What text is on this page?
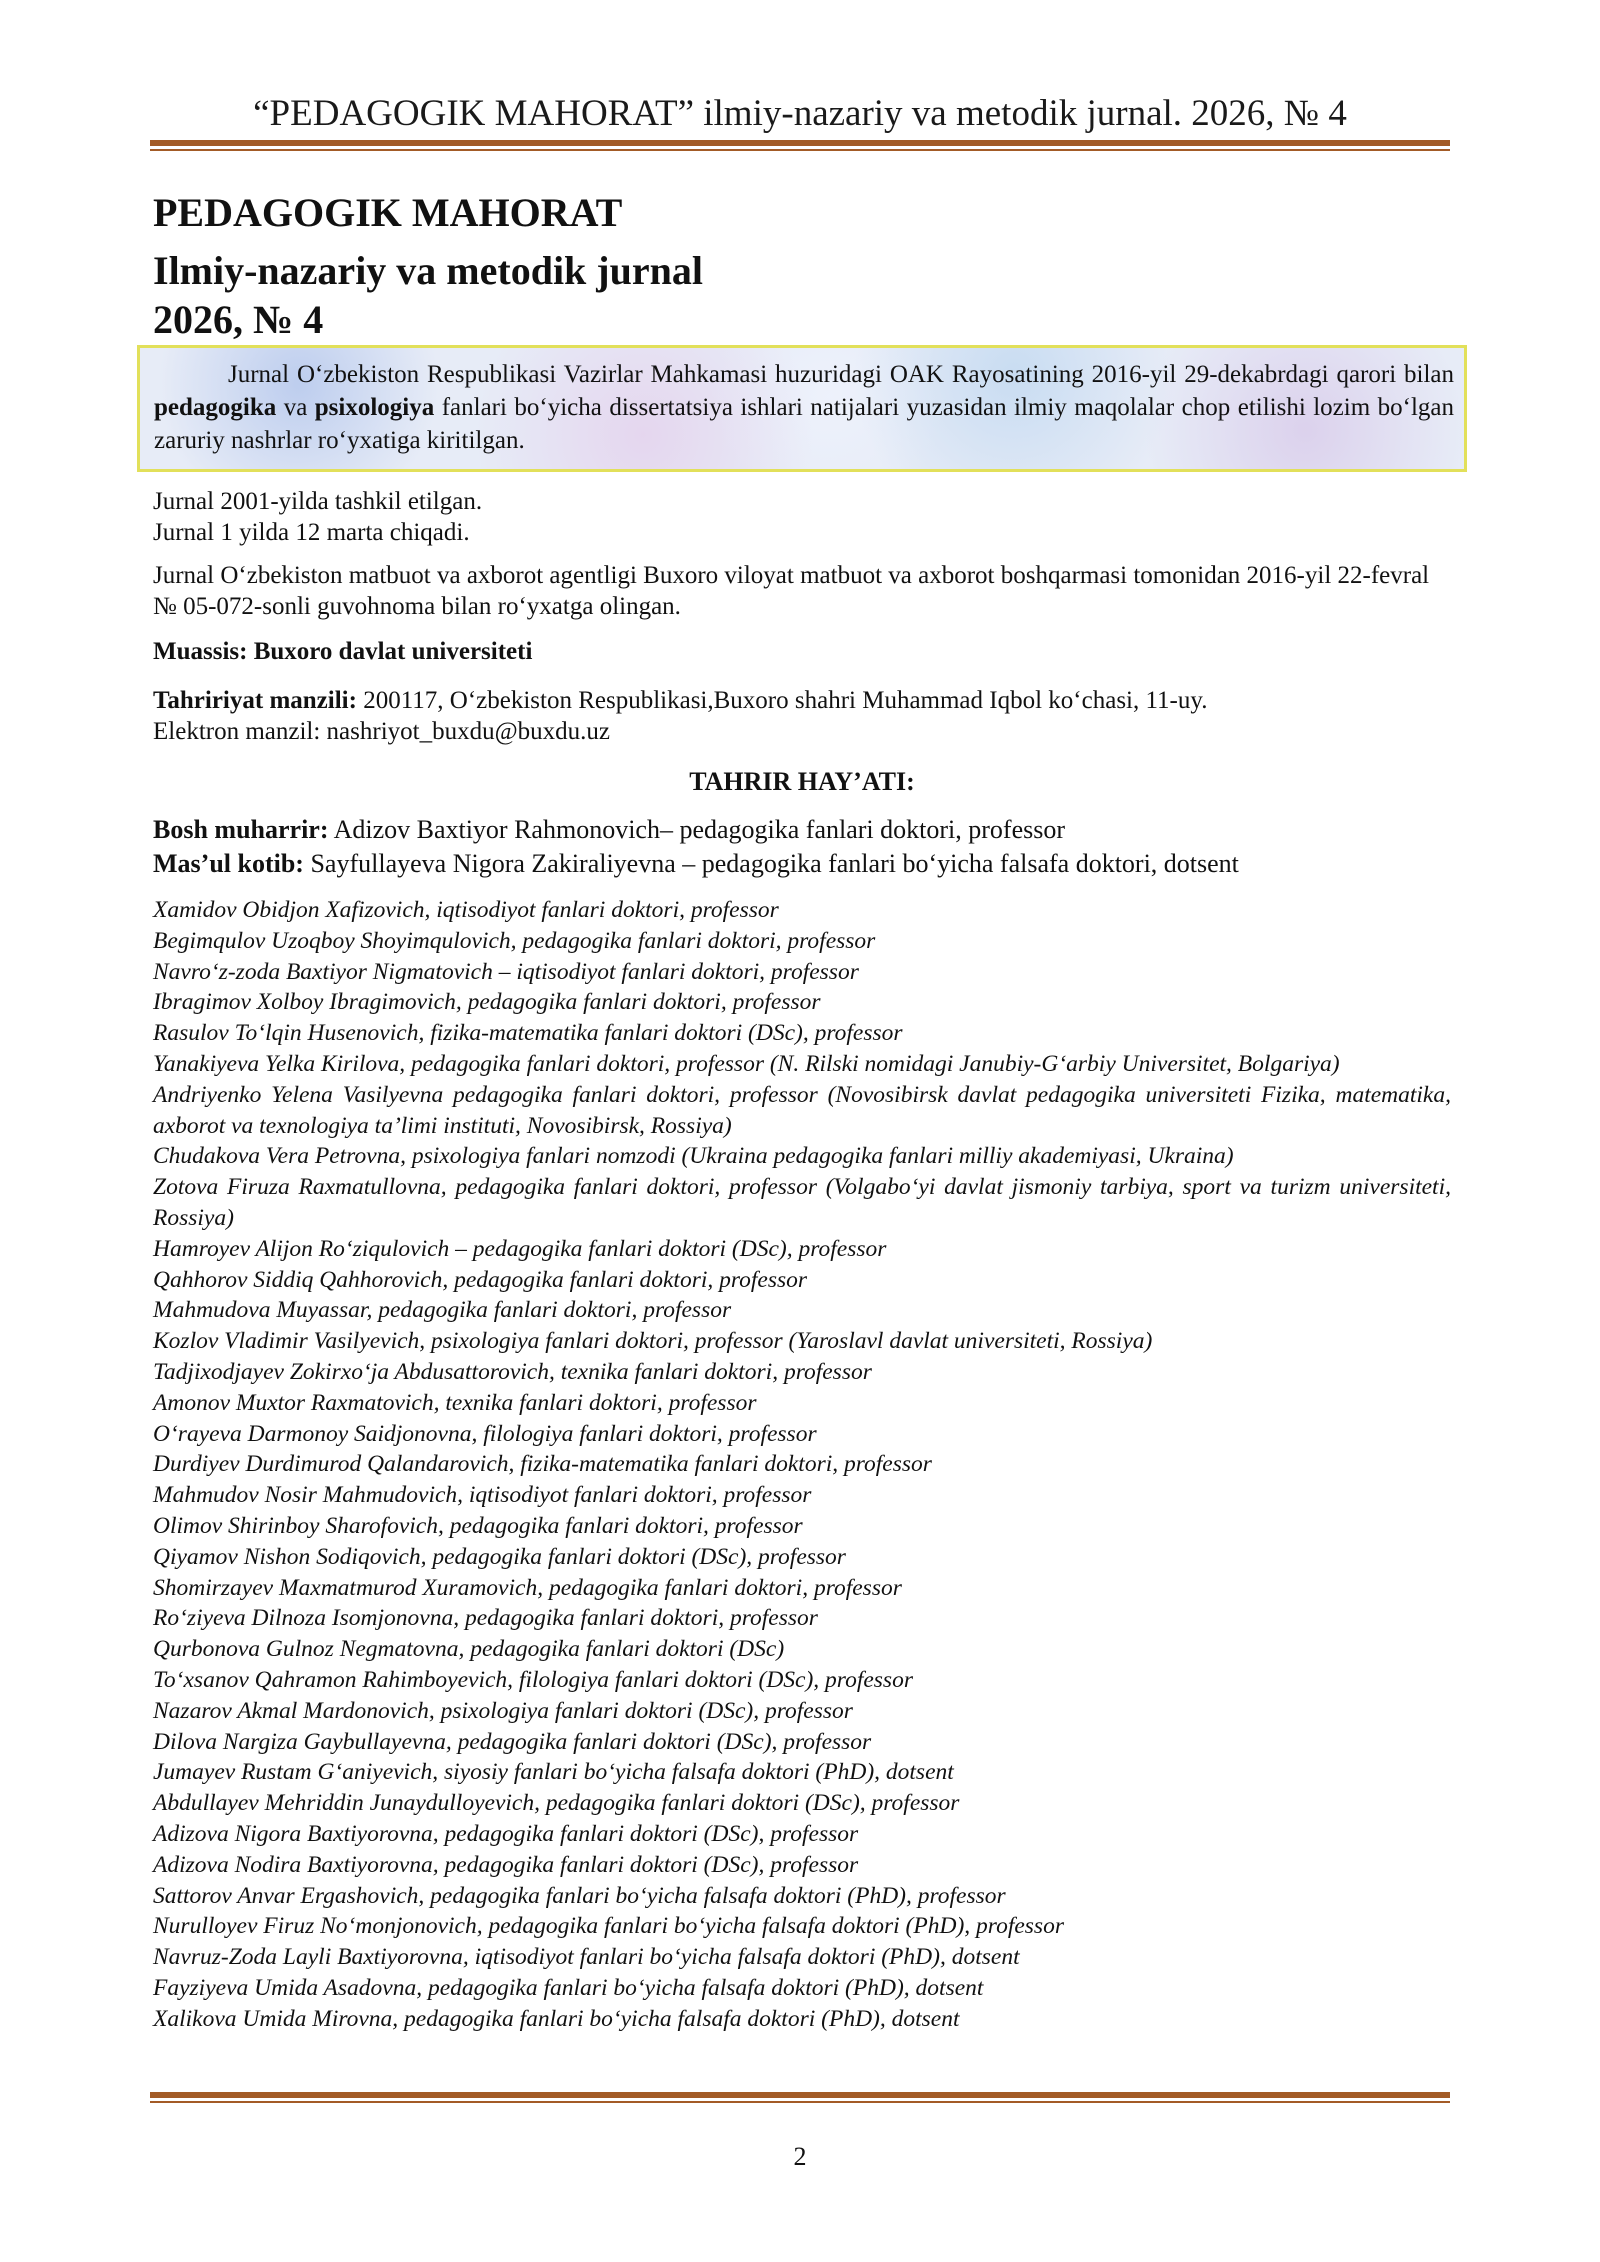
“PEDAGOGIK MAHORAT” ilmiy-nazariy va metodik jurnal. 2026, № 4
PEDAGOGIK MAHORAT
Ilmiy-nazariy va metodik jurnal
2026, № 4
Jurnal O‘zbekiston Respublikasi Vazirlar Mahkamasi huzuridagi OAK Rayosatining 2016-yil 29-dekabrdagi qarori bilan pedagogika va psixologiya fanlari bo‘yicha dissertatsiya ishlari natijalari yuzasidan ilmiy maqolalar chop etilishi lozim bo‘lgan zaruriy nashrlar ro‘yxatiga kiritilgan.
Jurnal 2001-yilda tashkil etilgan.
Jurnal 1 yilda 12 marta chiqadi.
Jurnal O‘zbekiston matbuot va axborot agentligi Buxoro viloyat matbuot va axborot boshqarmasi tomonidan 2016-yil 22-fevral № 05-072-sonli guvohnoma bilan ro‘yxatga olingan.
Muassis: Buxoro davlat universiteti
Tahririyat manzili: 200117, O‘zbekiston Respublikasi,Buxoro shahri Muhammad Iqbol ko‘chasi, 11-uy.
Elektron manzil: nashriyot_buxdu@buxdu.uz
TAHRIR HAY’ATI:
Bosh muharrir: Adizov Baxtiyor Rahmonovich– pedagogika fanlari doktori, professor
Mas’ul kotib: Sayfullayeva Nigora Zakiraliyevna – pedagogika fanlari bo‘yicha falsafa doktori, dotsent
Xamidov Obidjon Xafizovich, iqtisodiyot fanlari doktori, professor
Begimqulov Uzoqboy Shoyimqulovich, pedagogika fanlari doktori, professor
Navro‘z-zoda Baxtiyor Nigmatovich – iqtisodiyot fanlari doktori, professor
Ibragimov Xolboy Ibragimovich, pedagogika fanlari doktori, professor
Rasulov To‘lqin Husenovich, fizika-matematika fanlari doktori (DSc), professor
Yanakiyeva Yelka Kirilova, pedagogika fanlari doktori, professor (N. Rilski nomidagi Janubiy-G‘arbiy Universitet, Bolgariya)
Andriyenko Yelena Vasilyevna pedagogika fanlari doktori, professor (Novosibirsk davlat pedagogika universiteti Fizika, matematika, axborot va texnologiya ta’limi instituti, Novosibirsk, Rossiya)
Chudakova Vera Petrovna, psixologiya fanlari nomzodi (Ukraina pedagogika fanlari milliy akademiyasi, Ukraina)
Zotova Firuza Raxmatullovna, pedagogika fanlari doktori, professor (Volgabo‘yi davlat jismoniy tarbiya, sport va turizm universiteti, Rossiya)
Hamroyev Alijon Ro‘ziqulovich – pedagogika fanlari doktori (DSc), professor
Qahhorov Siddiq Qahhorovich, pedagogika fanlari doktori, professor
Mahmudova Muyassar, pedagogika fanlari doktori, professor
Kozlov Vladimir Vasilyevich, psixologiya fanlari doktori, professor (Yaroslavl davlat universiteti, Rossiya)
Tadjixodjayev Zokirxo‘ja Abdusattorovich, texnika fanlari doktori, professor
Amonov Muxtor Raxmatovich, texnika fanlari doktori, professor
O‘rayeva Darmonoy Saidjonovna, filologiya fanlari doktori, professor
Durdiyev Durdimurod Qalandarovich, fizika-matematika fanlari doktori, professor
Mahmudov Nosir Mahmudovich, iqtisodiyot fanlari doktori, professor
Olimov Shirinboy Sharofovich, pedagogika fanlari doktori, professor
Qiyamov Nishon Sodiqovich, pedagogika fanlari doktori (DSc), professor
Shomirzayev Maxmatmurod Xuramovich, pedagogika fanlari doktori, professor
Ro‘ziyeva Dilnoza Isomjonovna, pedagogika fanlari doktori, professor
Qurbonova Gulnoz Negmatovna, pedagogika fanlari doktori (DSc)
To‘xsanov Qahramon Rahimboyevich, filologiya fanlari doktori (DSc), professor
Nazarov Akmal Mardonovich, psixologiya fanlari doktori (DSc), professor
Dilova Nargiza Gaybullayevna, pedagogika fanlari doktori (DSc), professor
Jumayev Rustam G‘aniyevich, siyosiy fanlari bo‘yicha falsafa doktori (PhD), dotsent
Abdullayev Mehriddin Junaydulloyevich, pedagogika fanlari doktori (DSc), professor
Adizova Nigora Baxtiyorovna, pedagogika fanlari doktori (DSc), professor
Adizova Nodira Baxtiyorovna, pedagogika fanlari doktori (DSc), professor
Sattorov Anvar Ergashovich, pedagogika fanlari bo‘yicha falsafa doktori (PhD), professor
Nurulloyev Firuz No‘monjonovich, pedagogika fanlari bo‘yicha falsafa doktori (PhD), professor
Navruz-Zoda Layli Baxtiyorovna, iqtisodiyot fanlari bo‘yicha falsafa doktori (PhD), dotsent
Fayziyeva Umida Asadovna, pedagogika fanlari bo‘yicha falsafa doktori (PhD), dotsent
Xalikova Umida Mirovna, pedagogika fanlari bo‘yicha falsafa doktori (PhD), dotsent
2
